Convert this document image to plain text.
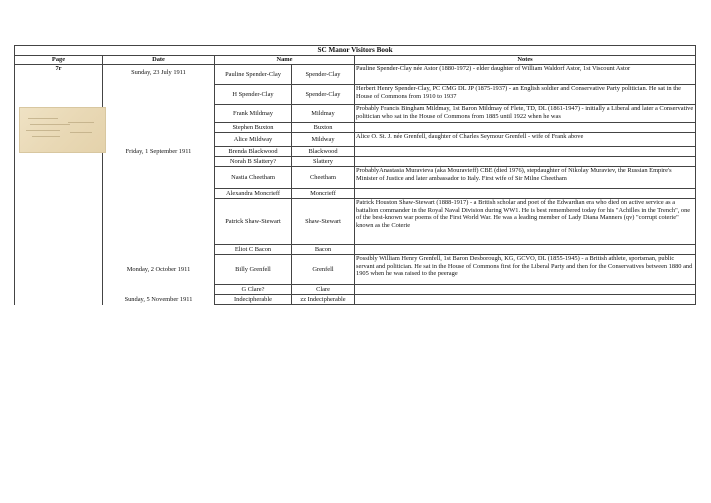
SC Manor Visitors Book				
Page	Date	Name		Notes
7r	Sunday, 23 July 1911	Pauline Spender-Clay	Spender-Clay	Pauline Spender-Clay née Astor (1880-1972) - elder daughter of William Waldorf Astor, 1st Viscount Astor
		H Spender-Clay	Spender-Clay	Herbert Henry Spender-Clay, PC CMG DL JP (1875-1937) - an English soldier and Conservative Party politician. He sat in the House of Commons from 1910 to 1937
		Frank Mildmay	Mildmay	Probably Francis Bingham Mildmay, 1st Baron Mildmay of Flete, TD, DL (1861-1947) - initially a Liberal and later a Conservative politician who sat in the House of Commons from 1885 until 1922 when he was
		Stephen Buxton	Buxton	
		Alice Mildway	Mildway	Alice O. St. J. née Grenfell, daughter of Charles Seymour Grenfell - wife of Frank above
	Friday, 1 September 1911	Brenda Blackwood	Blackwood	
		Norah B Slattery?	Slattery	
		Nastia Cheetham	Cheetham	ProbablyAnastasia Muravieva (aka Mouravieff) CBE (died 1976), stepdaughter of Nikolay Muraviev, the Russian Empire's Minister of Justice and later ambassador to Italy. First wife of Sir Milne Cheetham
		Alexandra Moncrieff	Moncrieff	
		Patrick Shaw-Stewart	Shaw-Stewart	Patrick Houston Shaw-Stewart (1888-1917) - a British scholar and poet of the Edwardian era who died on active service as a battalion commander in the Royal Naval Division during WW1. He is best remembered today for his "Achilles in the Trench", one of the best-known war poems of the First World War. He was a leading member of Lady Diana Manners (qv) "corrupt coterie" known as the Coterie
		Eliot C Bacon	Bacon	
	Monday, 2 October 1911	Billy Grenfell	Grenfell	Possibly William Henry Grenfell, 1st Baron Desborough, KG, GCVO, DL (1855-1945) - a British athlete, sportsman, public servant and politician. He sat in the House of Commons first for the Liberal Party and then for the Conservatives between 1880 and 1905 when he was raised to the peerage
		G Clare?	Clare	
	Sunday, 5 November 1911	Indecipherable	zz Indecipherable	
